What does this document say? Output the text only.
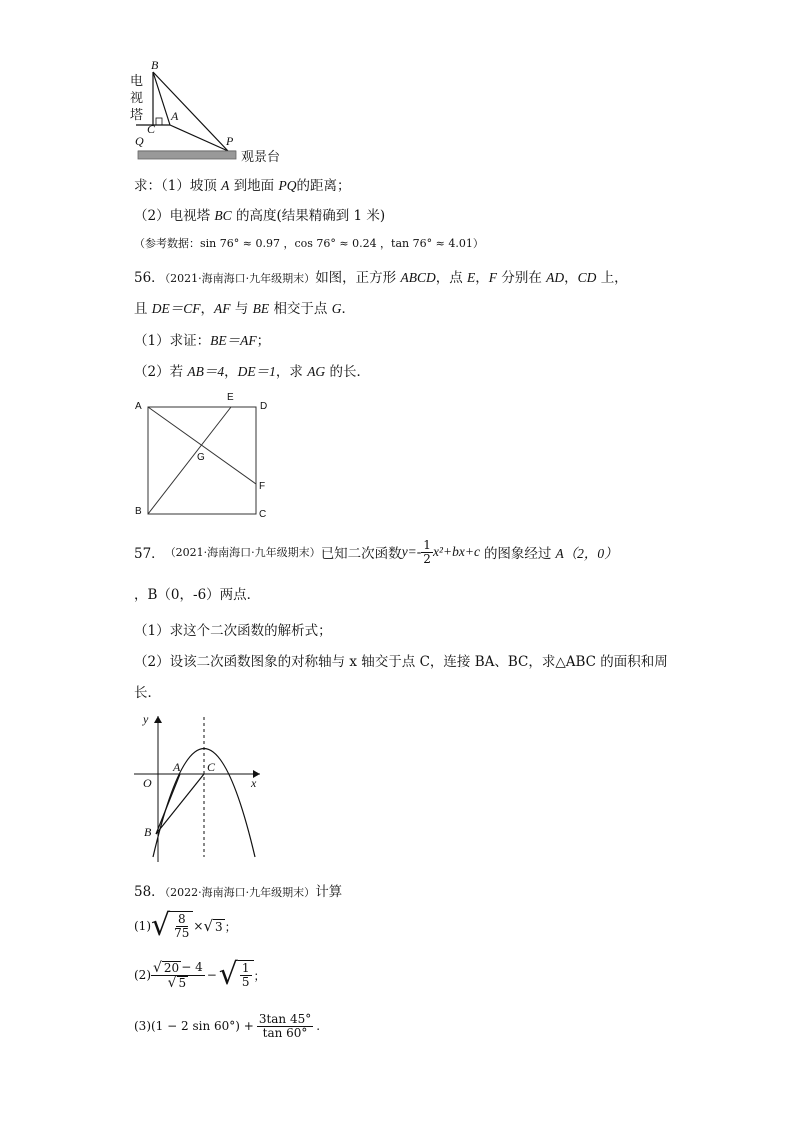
B
A
C
Q	P
电
视
塔
观景台
求：（1）坡顶 A 到地面 PQ的距离；
（2）电视塔 BC 的高度(结果精确到 1 米)
（参考数据：sin 76° ≈ 0.97 ，cos 76° ≈ 0.24 ，tan 76° ≈ 4.01）
56．（2021·海南海口·九年级期末）如图，正方形 ABCD，点 E，F 分别在 AD，CD 上，
且 DE＝CF，AF 与 BE 相交于点 G．
（1）求证：BE＝AF；
（2）若 AB＝4，DE＝1，求 AG 的长．
A
E
D
G
F
B	C
57． （2021·海南海口·九年级期末） 已知二次函数 $y=- \frac{1}{2} x^2+bx+c$ 的图象经过 A（2，0）
，B（0，-6）两点．
（1）求这个二次函数的解析式；
（2）设该二次函数图象的对称轴与 x 轴交于点 C，连接 BA、BC，求△ABC 的面积和周
长．
y
x
O
A C
B
58．（2022·海南海口·九年级期末）计算
(1) √ $\frac{8}{75}$ × √ 3 ；
$(2) \frac{√ 20 - 4}{√ 5}$ − √ $\frac{1}{5}$ ；
(3) (1 − 2 $\sin 60^\circ) + \frac{3\tan 45^\circ}{\tan 60^\circ}$ .
